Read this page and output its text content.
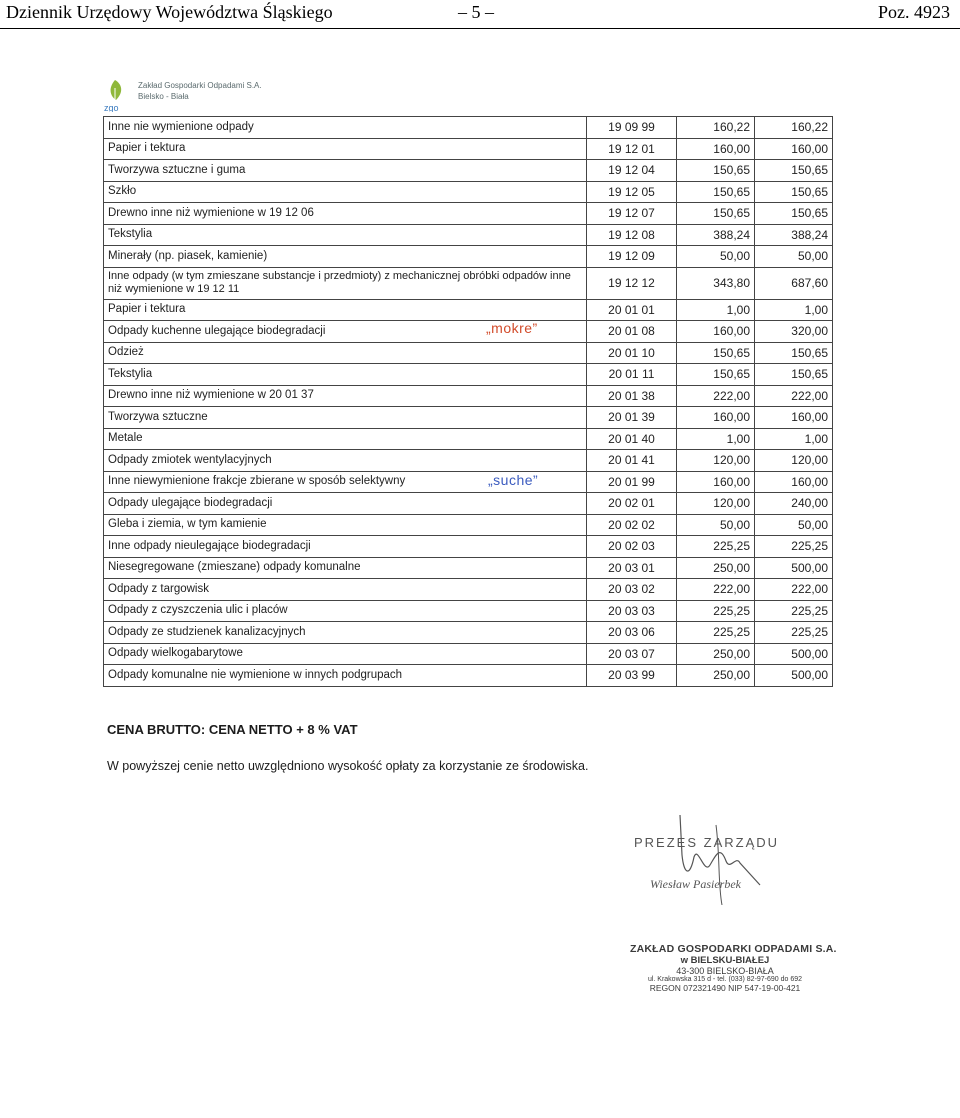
Dziennik Urzędowy Województwa Śląskiego	– 5 –	Poz. 4923
zgo
Zakład Gospodarki Odpadami S.A.
Bielsko - Biała
Inne nie wymienione odpady	19 09 99	160,22	160,22
Papier i tektura	19 12 01	160,00	160,00
Tworzywa sztuczne i guma	19 12 04	150,65	150,65
Szkło	19 12 05	150,65	150,65
Drewno inne niż wymienione w 19 12 06	19 12 07	150,65	150,65
Tekstylia	19 12 08	388,24	388,24
Minerały (np. piasek, kamienie)	19 12 09	50,00	50,00
Inne odpady (w tym zmieszane substancje i przedmioty) z mechanicznej obróbki odpadów inne niż wymienione w 19 12 11	19 12 12	343,80	687,60
Papier i tektura	20 01 01	1,00	1,00
Odpady kuchenne ulegające biodegradacji	20 01 08	160,00	320,00
Odzież	20 01 10	150,65	150,65
Tekstylia	20 01 11	150,65	150,65
Drewno inne niż wymienione w 20 01 37	20 01 38	222,00	222,00
Tworzywa sztuczne	20 01 39	160,00	160,00
Metale	20 01 40	1,00	1,00
Odpady zmiotek wentylacyjnych	20 01 41	120,00	120,00
Inne niewymienione frakcje zbierane w sposób selektywny	20 01 99	160,00	160,00
Odpady ulegające biodegradacji	20 02 01	120,00	240,00
Gleba i ziemia, w tym kamienie	20 02 02	50,00	50,00
Inne odpady nieulegające biodegradacji	20 02 03	225,25	225,25
Niesegregowane (zmieszane) odpady komunalne	20 03 01	250,00	500,00
Odpady z targowisk	20 03 02	222,00	222,00
Odpady z czyszczenia ulic i placów	20 03 03	225,25	225,25
Odpady ze studzienek kanalizacyjnych	20 03 06	225,25	225,25
Odpady wielkogabarytowe	20 03 07	250,00	500,00
Odpady komunalne nie wymienione w innych podgrupach	20 03 99	250,00	500,00
„mokre”
„suche”
CENA BRUTTO: CENA NETTO + 8 % VAT
W powyższej cenie netto uwzględniono wysokość opłaty za korzystanie ze środowiska.
PREZES ZARZĄDU
Wiesław Pasierbek
ZAKŁAD GOSPODARKI ODPADAMI S.A.
w BIELSKU-BIAŁEJ
43-300 BIELSKO-BIAŁA
ul. Krakowska 315 d - tel. (033) 82-97-690 do 692
REGON 072321490 NIP 547-19-00-421
